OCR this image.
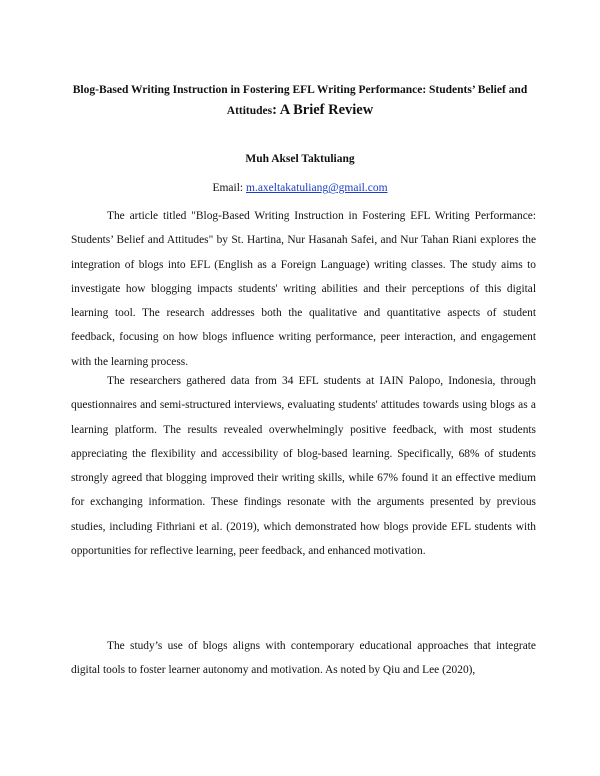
Blog-Based Writing Instruction in Fostering EFL Writing Performance: Students’ Belief and Attitudes: A Brief Review

Muh Aksel Taktuliang

Email: m.axeltakatuliang@gmail.com

The article titled "Blog-Based Writing Instruction in Fostering EFL Writing Performance: Students’ Belief and Attitudes" by St. Hartina, Nur Hasanah Safei, and Nur Tahan Riani explores the integration of blogs into EFL (English as a Foreign Language) writing classes. The study aims to investigate how blogging impacts students' writing abilities and their perceptions of this digital learning tool. The research addresses both the qualitative and quantitative aspects of student feedback, focusing on how blogs influence writing performance, peer interaction, and engagement with the learning process.

The researchers gathered data from 34 EFL students at IAIN Palopo, Indonesia, through questionnaires and semi-structured interviews, evaluating students' attitudes towards using blogs as a learning platform. The results revealed overwhelmingly positive feedback, with most students appreciating the flexibility and accessibility of blog-based learning. Specifically, 68% of students strongly agreed that blogging improved their writing skills, while 67% found it an effective medium for exchanging information. These findings resonate with the arguments presented by previous studies, including Fithriani et al. (2019), which demonstrated how blogs provide EFL students with opportunities for reflective learning, peer feedback, and enhanced motivation.

The study’s use of blogs aligns with contemporary educational approaches that integrate digital tools to foster learner autonomy and motivation. As noted by Qiu and Lee (2020),
